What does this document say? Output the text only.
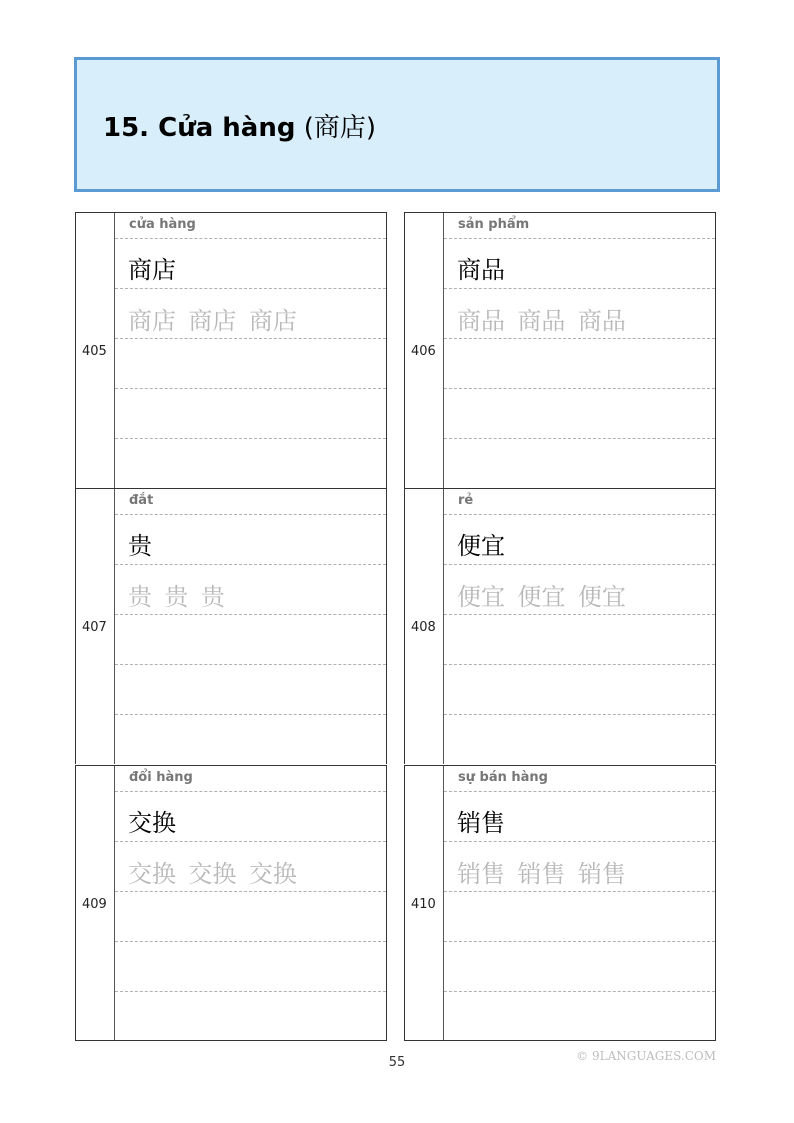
15. Cửa hàng (商店)
405
cửa hàng
商店
商店 商店 商店
406
sản phẩm
商品
商品 商品 商品
407
đắt
贵
贵 贵 贵
408
rẻ
便宜
便宜 便宜 便宜
409
đổi hàng
交换
交换 交换 交换
410
sự bán hàng
销售
销售 销售 销售
55	© 9LANGUAGES.COM
